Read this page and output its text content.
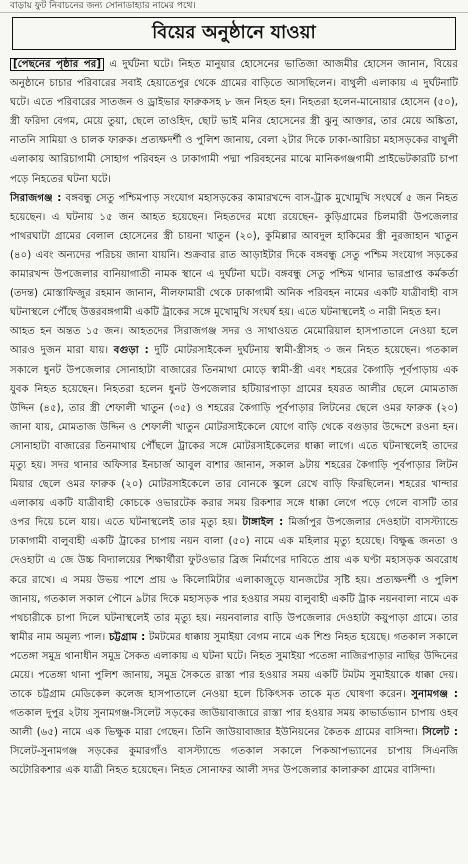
বাড়ায় ফুট নিবাচনের জন্য সোনাডাহ্যার নামের পথে।
বিয়ের অনুষ্ঠানে যাওয়া

[পেছনের পৃষ্ঠার পর] এ দুর্ঘটনা ঘটে। নিহত মানুয়ার হোসেনের ভাতিজা আজমীর হোসেন জানান, বিয়ের অনুষ্ঠানে চাচার পরিবারের সবাই হেয়াতেপুর থেকে গ্রামের বাড়িতে আসছিলেন। বাথুলী এলাকায় এ দুর্ঘটনাটি ঘটে। এতে পরিবারের সাতজন ও ড্রাইভার ফারুকসহ ৮ জন নিহত হন। নিহতরা হলেন-মানোয়ার হোসেন (৫০), স্ত্রী ফরিদা বেগম, মেয়ে তুয়া, ছেলে তাওহিদ, ছোট ভাই মনির হোসেনের স্ত্রী ঝুনু আক্তার, তার মেয়ে অঙ্কিতা, নাতনি সামিয়া ও চালক ফারুক। প্রত্যক্ষদর্শী ও পুলিশ জানায়, বেলা ২টার দিকে ঢাকা-আরিচা মহাসড়কের বাথুলী এলাকায় আরিচাগামী সোহাগ পরিবহন ও ঢাকাগামী পদ্মা পরিবহনের মাঝে মানিকগঞ্জগামী প্রাইভেটকারটি চাপা পড়ে নিহতের ঘটনা ঘটে।

সিরাজগঞ্জ : বঙ্গবন্ধু সেতু পশ্চিমপাড় সংযোগ মহাসড়কের কামারখন্দে বাস-ট্রাক মুখোমুখি সংঘর্ষে ৫ জন নিহত হয়েছেন। এ ঘটনায় ১৫ জন আহত হয়েছেন। নিহতদের মধ্যে রয়েছেন- কুড়িগ্রামের চিলমারী উপজেলার পাথরঘাটা গ্রামের বেলাল হোসেনের স্ত্রী চায়না খাতুন (২০), কুমিল্লার আবদুল হাকিমের স্ত্রী নুরজাহান খাতুন (৪০) এবং অন্যদের পরিচয় জানা যায়নি। শুক্রবার রাত আড়াইটার দিকে বঙ্গবন্ধু সেতু পশ্চিম সংযোগ সড়কের কামারখন্দ উপজেলার বানিয়াগাতী নামক স্থানে এ দুর্ঘটনা ঘটে। বঙ্গবন্ধু সেতু পশ্চিম থানার ভারপ্রাপ্ত কর্মকর্তা (তদন্ত) মোস্তাফিজুর রহমান জানান, নীলফামারী থেকে ঢাকাগামী অনিক পরিবহন নামের একটি যাত্রীবাহী বাস ঘটনাস্থলে পৌঁছে উত্তরবঙ্গগামী একটি ট্রাকের সঙ্গে মুখোমুখি সংঘর্ষ হয়। এতে ঘটনাস্থলেই ৩ নারী নিহত হন।

আহত হন অন্তত ১৫ জন। আহতদের সিরাজগঞ্জ সদর ও সাথাওয়ত মেমোরিয়াল হাসপাতালে নেওয়া হলে আরও দুজন মারা যায়। বগুড়া : দুটি মোটরসাইকেল দুর্ঘটনায় স্বামী-স্ত্রীসহ ৩ জন নিহত হয়েছেন। গতকাল সকালে ধুনট উপজেলার সোনাহাটা বাজারের তিনমাথা মোড়ে স্বামী-স্ত্রী এবং শহরের কৈগাড়ি পূর্বপাড়ায় এক যুবক নিহত হয়েছেন। নিহতরা হলেন ধুনট উপজেলার হটিয়ারপাড়া গ্রামের হযরত আলীর ছেলে মোমতাজ উদ্দিন (৪৫), তার স্ত্রী শেফালী খাতুন (৩৫) ও শহরের কৈগাড়ি পূর্বপাড়ার লিটনের ছেলে ওমর ফারুক (২০) জানা যায়, মোমতাজ উদ্দিন ও শেফালী খাতুন মোটরসাইকেলে যোগে বাড়ি থেকে বগুড়ার উদ্দেশে রওনা হন। সোনাহাটা বাজারের তিনমাথায় পৌঁছলে ট্রাকের সঙ্গে মোটরসাইকেলের ধাক্কা লাগে। এতে ঘটনাস্থলেই তাদের মৃত্যু হয়। সদর থানার অফিসার ইনচার্জ আবুল বাশার জানান, সকাল ৯টায় শহরের কৈগাড়ি পূর্বপাড়ার লিটন মিয়ার ছেলে ওমর ফারুক (২০) মোটরসাইকেলে তার বোনকে স্কুলে রেখে বাড়ি ফিরছিলেন। শহরের খান্দার এলাকায় একটি যাত্রীবাহী কোচকে ওভারটেক করার সময় রিকশার সঙ্গে ধাক্কা লেগে পড়ে গেলে বাসটি তার ওপর দিয়ে চলে যায়। এতে ঘটনাস্থলেই তার মৃত্যু হয়। টাঙ্গাইল : মির্জাপুর উপজেলার দেওহাটা বাসস্ট্যান্ডে ঢাকাগামী বালুবাহী একটি ট্রাকের চাপায় নয়ন বালা (৫০) নামে এক মহিলার মৃত্যু হয়েছে। বিক্ষুব্ধ জনতা ও দেওহাটা এ জে উচ্চ বিদ্যালয়ের শিক্ষার্থীরা ফুটওভার ব্রিজ নির্মাণের দাবিতে প্রায় এক ঘণ্টা মহাসড়ক অবরোধ করে রাখে। এ সময় উভয় পাশে প্রায় ৬ কিলোমিটার এলাকাজুড়ে যানজটের সৃষ্টি হয়। প্রত্যক্ষদর্শী ও পুলিশ জানায়, গতকাল সকাল পৌনে ৯টার দিকে মহাসড়ক পার হওয়ার সময় বালুবাহী একটি ট্রাক নয়নবালা নামে এক পথচারীকে চাপা দিলে ঘটনাস্থলেই তার মৃত্যু হয়। নয়নবালার বাড়ি উপজেলার দেওহাটা কয়ুপাড়া গ্রামে। তার স্বামীর নাম অমূল্য পাল। চট্টগ্রাম : টমটমের ধাক্কায় সুমাইয়া বেগম নামে এক শিশু নিহত হয়েছে। গতকাল সকালে পতেঙ্গা সমুদ্র থানাধীন সমুদ্র সৈকত এলাকায় এ ঘটনা ঘটে। নিহত সুমাইয়া পতেঙ্গা নাজিরপাড়ার নাছির উদ্দিনের মেয়ে। পতেঙ্গা থানা পুলিশ জানায়, সমুদ্র সৈকতে রাস্তা পার হওয়ার সময় একটি টমটম সুমাইয়াকে ধাক্কা দেয়। তাকে চট্টগ্রাম মেডিকেল কলেজ হাসপাতালে নেওয়া হলে চিকিৎসক তাকে মৃত ঘোষণা করেন। সুনামগঞ্জ : গতকাল দুপুর ২টায় সুনামগঞ্জ-সিলেট সড়কের জাউয়াবাজারে রাস্তা পার হওয়ার সময় কাভার্ডভ্যান চাপায় ওহব আলী (৬৫) নামে এক ভিক্ষুক মারা গেছেন। তিনি জাউয়াবাজার ইউনিয়নের কৈতক গ্রামের বাসিন্দা। সিলেট : সিলেট-সুনামগঞ্জ সড়কের কুমারগাঁও বাসস্ট্যান্ডে গতকাল সকালে পিকআপভ্যানের চাপায় সিএনজি অটোরিকশার এক যাত্রী নিহত হয়েছেন। নিহত সোনাফর আলী সদর উপজেলার কালারুকা গ্রামের বাসিন্দা।
